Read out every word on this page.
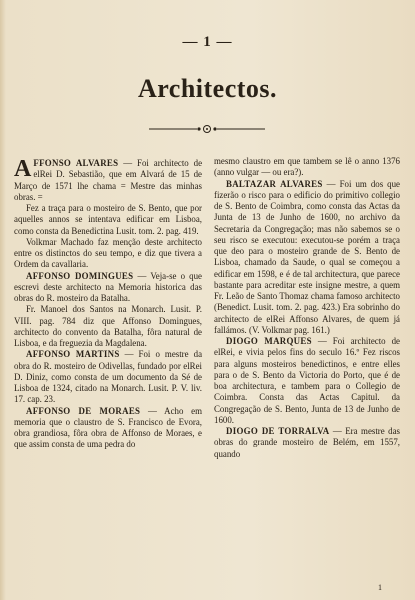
— 1 —
Architectos.

AFFONSO ALVARES — Foi architecto de elRei D. Sebastião, que em Alvará de 15 de Março de 1571 lhe chama = Mestre das minhas obras. =

Fez a traça para o mosteiro de S. Bento, que por aquelles annos se intentava edificar em Lisboa, como consta da Benedictina Lusit. tom. 2. pag. 419.

Volkmar Machado faz menção deste architecto entre os distinctos do seu tempo, e diz que tivera a Ordem da cavallaria.

AFFONSO DOMINGUES — Veja-se o que escrevi deste architecto na Memoria historica das obras do R. mosteiro da Batalha.

Fr. Manoel dos Santos na Monarch. Lusit. P. VIII. pag. 784 diz que Affonso Domingues, architecto do convento da Batalha, fôra natural de Lisboa, e da freguezia da Magdalena.

AFFONSO MARTINS — Foi o mestre da obra do R. mosteiro de Odivellas, fundado por elRei D. Diniz, como consta de um documento da Sé de Lisboa de 1324, citado na Monarch. Lusit. P. V. liv. 17. cap. 23.

AFFONSO DE MORAES — Acho em memoria que o claustro de S. Francisco de Evora, obra grandiosa, fôra obra de Affonso de Moraes, e que assim consta de uma pedra do

mesmo claustro em que tambem se lê o anno 1376 (anno vulgar — ou era?).

BALTAZAR ALVARES — Foi um dos que fizerão o risco para o edificio do primitivo collegio de S. Bento de Coimbra, como consta das Actas da Junta de 13 de Junho de 1600, no archivo da Secretaria da Congregação; mas não sabemos se o seu risco se executou: executou-se porém a traça que deo para o mosteiro grande de S. Bento de Lisboa, chamado da Saude, o qual se começou a edificar em 1598, e é de tal architectura, que parece bastante para acreditar este insigne mestre, a quem Fr. Leão de Santo Thomaz chama famoso architecto (Benedict. Lusit. tom. 2. pag. 423.) Era sobrinho do architecto de elRei Affonso Alvares, de quem já fallámos. (V. Volkmar pag. 161.)

DIOGO MARQUES — Foi architecto de elRei, e vivia pelos fins do seculo 16.º Fez riscos para alguns mosteiros benedictinos, e entre elles para o de S. Bento da Victoria do Porto, que é de boa architectura, e tambem para o Collegio de Coimbra. Consta das Actas Capitul. da Congregação de S. Bento, Junta de 13 de Junho de 1600.

DIOGO DE TORRALVA — Era mestre das obras do grande mosteiro de Belém, em 1557, quando

1
